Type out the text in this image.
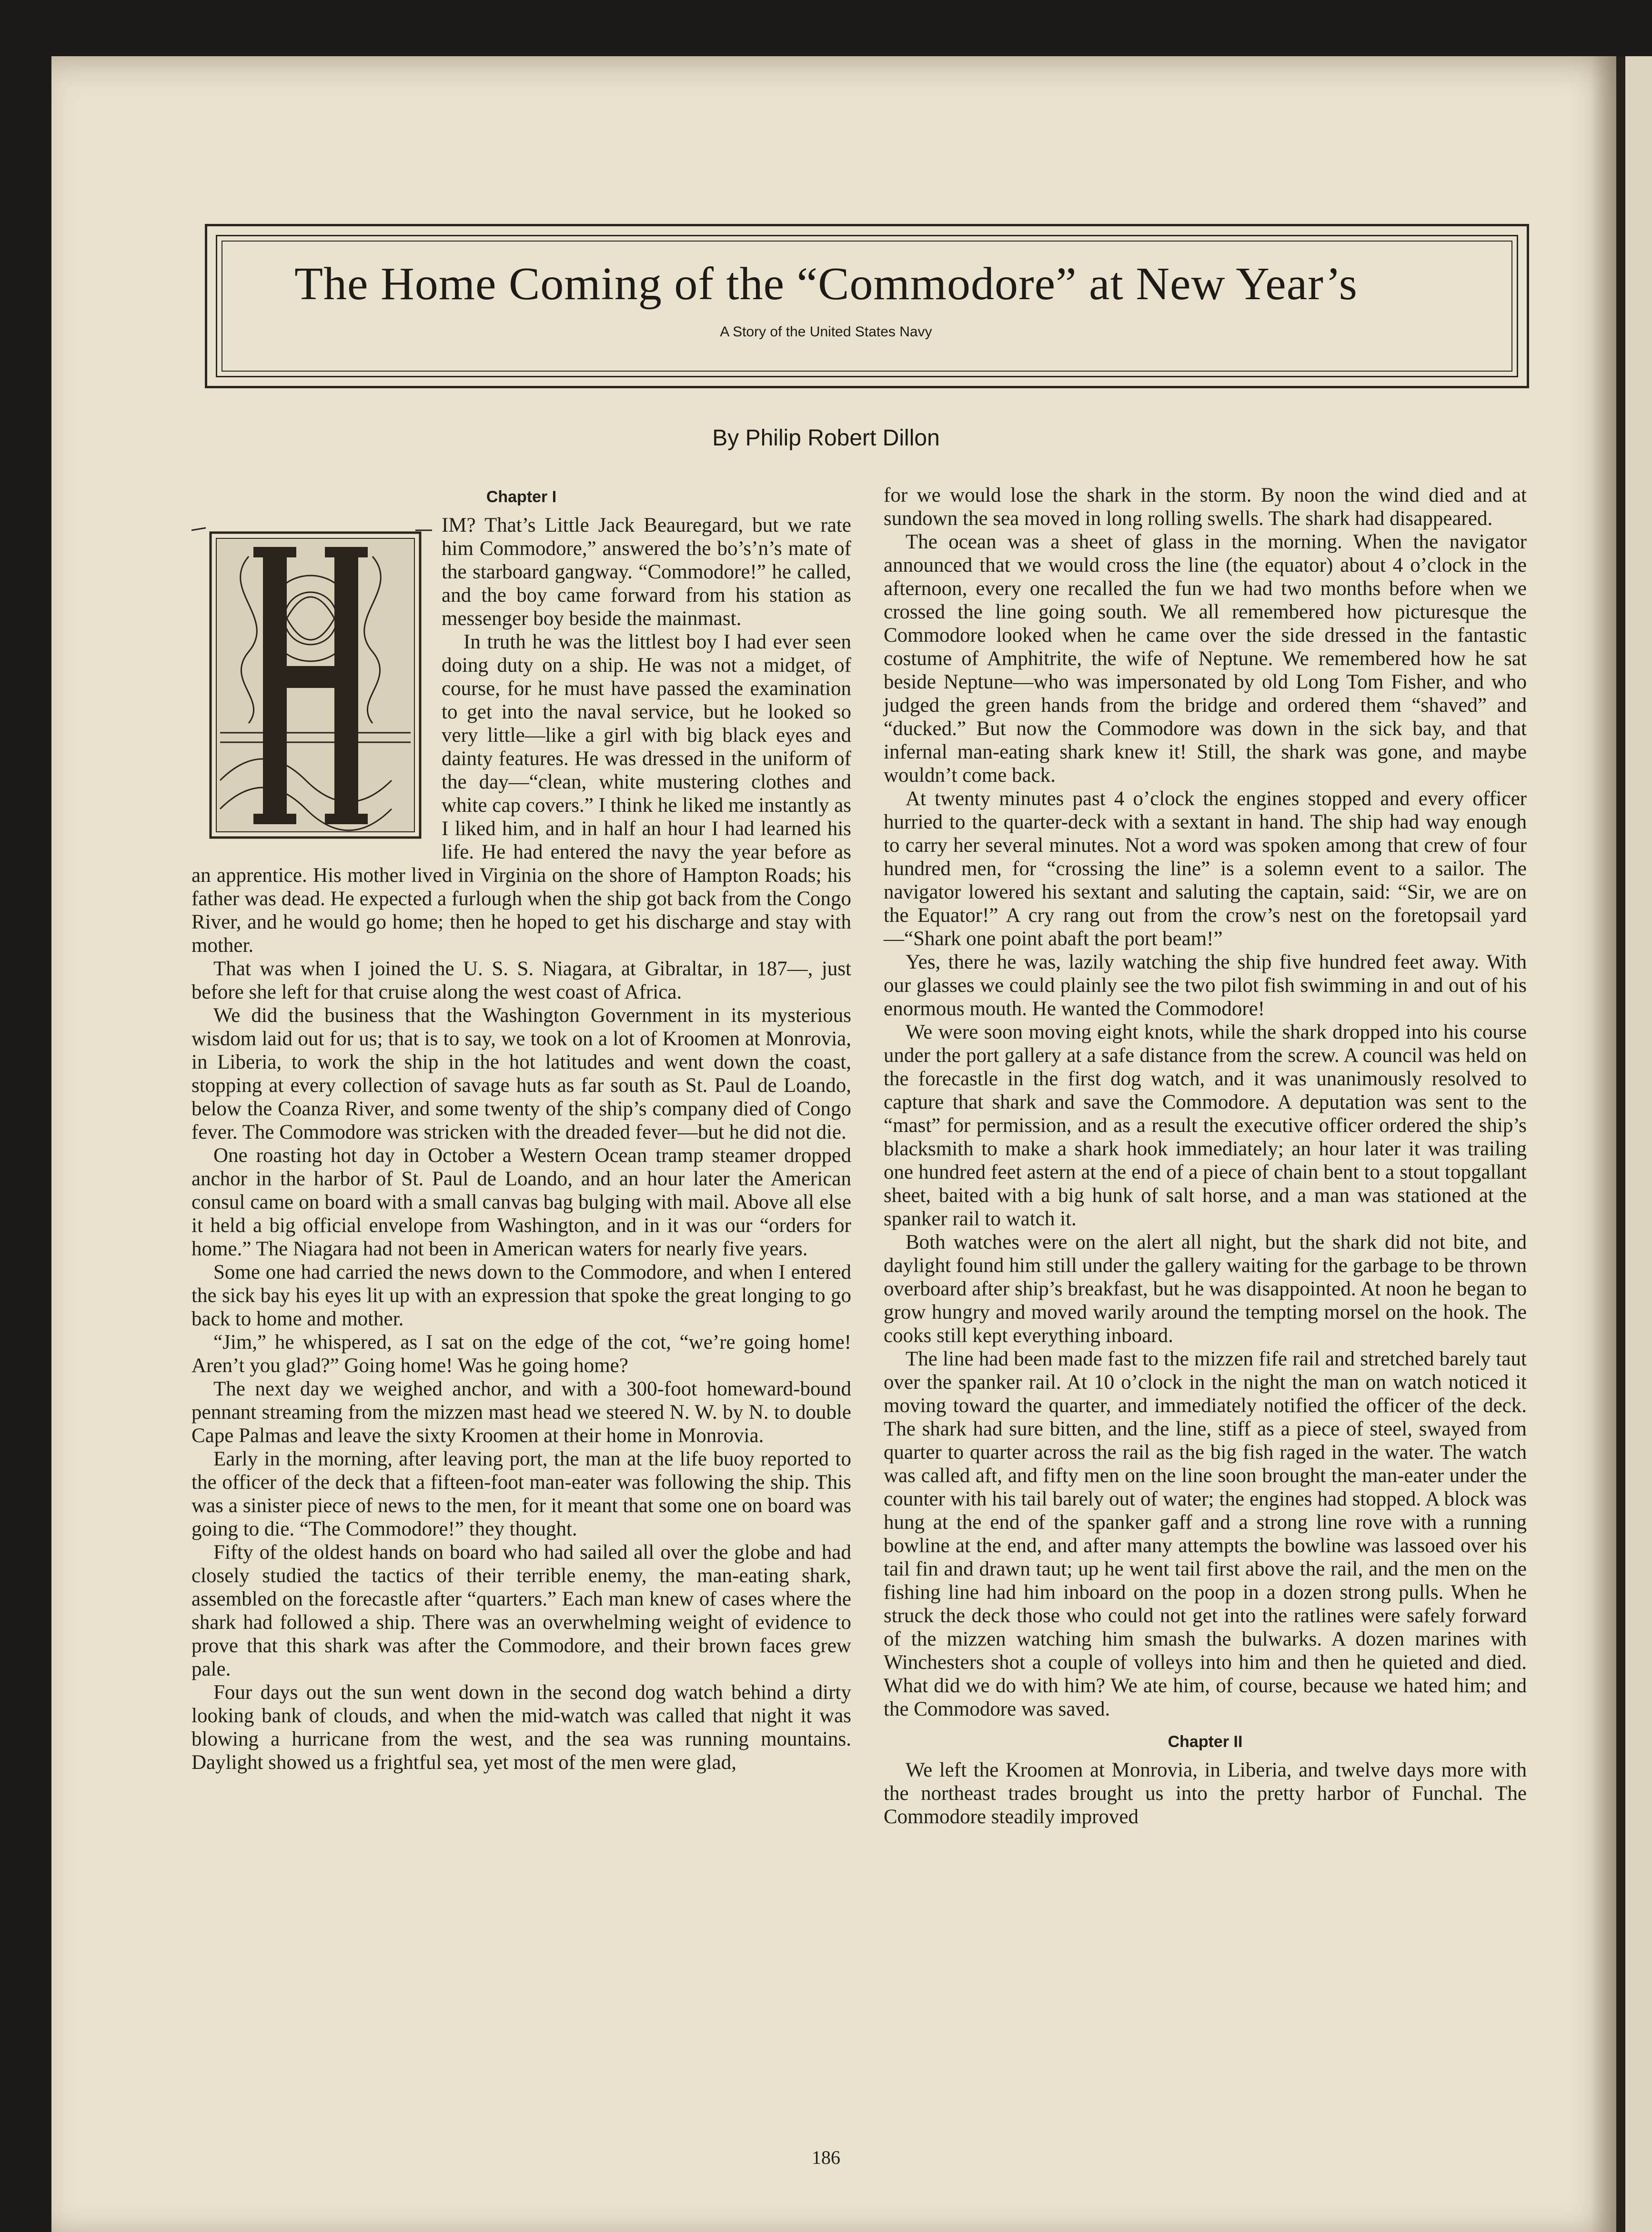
The Home Coming of the “Commodore” at New Year’s
A Story of the United States Navy
By Philip Robert Dillon
Chapter I

IM? That’s Little Jack Beauregard, but we rate him Commodore,” answered the bo’s’n’s mate of the starboard gangway. “Commodore!” he called, and the boy came forward from his station as messenger boy beside the mainmast.

In truth he was the littlest boy I had ever seen doing duty on a ship. He was not a midget, of course, for he must have passed the examination to get into the naval service, but he looked so very little—like a girl with big black eyes and dainty features. He was dressed in the uniform of the day—“clean, white mustering clothes and white cap covers.” I think he liked me instantly as I liked him, and in half an hour I had learned his life. He had entered the navy the year before as an apprentice. His mother lived in Virginia on the shore of Hampton Roads; his father was dead. He expected a furlough when the ship got back from the Congo River, and he would go home; then he hoped to get his discharge and stay with mother.

That was when I joined the U. S. S. Niagara, at Gibraltar, in 187—, just before she left for that cruise along the west coast of Africa.

We did the business that the Washington Government in its mysterious wisdom laid out for us; that is to say, we took on a lot of Kroomen at Monrovia, in Liberia, to work the ship in the hot latitudes and went down the coast, stopping at every collection of savage huts as far south as St. Paul de Loando, below the Coanza River, and some twenty of the ship’s company died of Congo fever. The Commodore was stricken with the dreaded fever—but he did not die.

One roasting hot day in October a Western Ocean tramp steamer dropped anchor in the harbor of St. Paul de Loando, and an hour later the American consul came on board with a small canvas bag bulging with mail. Above all else it held a big official envelope from Washington, and in it was our “orders for home.” The Niagara had not been in American waters for nearly five years.

Some one had carried the news down to the Commodore, and when I entered the sick bay his eyes lit up with an expression that spoke the great longing to go back to home and mother.

“Jim,” he whispered, as I sat on the edge of the cot, “we’re going home! Aren’t you glad?” Going home! Was he going home?

The next day we weighed anchor, and with a 300-foot homeward-bound pennant streaming from the mizzen mast head we steered N. W. by N. to double Cape Palmas and leave the sixty Kroomen at their home in Monrovia.

Early in the morning, after leaving port, the man at the life buoy reported to the officer of the deck that a fifteen-foot man-eater was following the ship. This was a sinister piece of news to the men, for it meant that some one on board was going to die. “The Commodore!” they thought.

Fifty of the oldest hands on board who had sailed all over the globe and had closely studied the tactics of their terrible enemy, the man-eating shark, assembled on the forecastle after “quarters.” Each man knew of cases where the shark had followed a ship. There was an overwhelming weight of evidence to prove that this shark was after the Commodore, and their brown faces grew pale.

Four days out the sun went down in the second dog watch behind a dirty looking bank of clouds, and when the mid-watch was called that night it was blowing a hurricane from the west, and the sea was running mountains. Daylight showed us a frightful sea, yet most of the men were glad,

for we would lose the shark in the storm. By noon the wind died and at sundown the sea moved in long rolling swells. The shark had disappeared.

The ocean was a sheet of glass in the morning. When the navigator announced that we would cross the line (the equator) about 4 o’clock in the afternoon, every one recalled the fun we had two months before when we crossed the line going south. We all remembered how picturesque the Commodore looked when he came over the side dressed in the fantastic costume of Amphitrite, the wife of Neptune. We remembered how he sat beside Neptune—who was impersonated by old Long Tom Fisher, and who judged the green hands from the bridge and ordered them “shaved” and “ducked.” But now the Commodore was down in the sick bay, and that infernal man-eating shark knew it! Still, the shark was gone, and maybe wouldn’t come back.

At twenty minutes past 4 o’clock the engines stopped and every officer hurried to the quarter-deck with a sextant in hand. The ship had way enough to carry her several minutes. Not a word was spoken among that crew of four hundred men, for “crossing the line” is a solemn event to a sailor. The navigator lowered his sextant and saluting the captain, said: “Sir, we are on the Equator!” A cry rang out from the crow’s nest on the foretopsail yard—“Shark one point abaft the port beam!”

Yes, there he was, lazily watching the ship five hundred feet away. With our glasses we could plainly see the two pilot fish swimming in and out of his enormous mouth. He wanted the Commodore!

We were soon moving eight knots, while the shark dropped into his course under the port gallery at a safe distance from the screw. A council was held on the forecastle in the first dog watch, and it was unanimously resolved to capture that shark and save the Commodore. A deputation was sent to the “mast” for permission, and as a result the executive officer ordered the ship’s blacksmith to make a shark hook immediately; an hour later it was trailing one hundred feet astern at the end of a piece of chain bent to a stout topgallant sheet, baited with a big hunk of salt horse, and a man was stationed at the spanker rail to watch it.

Both watches were on the alert all night, but the shark did not bite, and daylight found him still under the gallery waiting for the garbage to be thrown overboard after ship’s breakfast, but he was disappointed. At noon he began to grow hungry and moved warily around the tempting morsel on the hook. The cooks still kept everything inboard.

The line had been made fast to the mizzen fife rail and stretched barely taut over the spanker rail. At 10 o’clock in the night the man on watch noticed it moving toward the quarter, and immediately notified the officer of the deck. The shark had sure bitten, and the line, stiff as a piece of steel, swayed from quarter to quarter across the rail as the big fish raged in the water. The watch was called aft, and fifty men on the line soon brought the man-eater under the counter with his tail barely out of water; the engines had stopped. A block was hung at the end of the spanker gaff and a strong line rove with a running bowline at the end, and after many attempts the bowline was lassoed over his tail fin and drawn taut; up he went tail first above the rail, and the men on the fishing line had him inboard on the poop in a dozen strong pulls. When he struck the deck those who could not get into the ratlines were safely forward of the mizzen watching him smash the bulwarks. A dozen marines with Winchesters shot a couple of volleys into him and then he quieted and died. What did we do with him? We ate him, of course, because we hated him; and the Commodore was saved.

Chapter II

We left the Kroomen at Monrovia, in Liberia, and twelve days more with the northeast trades brought us into the pretty harbor of Funchal. The Commodore steadily improved

186
